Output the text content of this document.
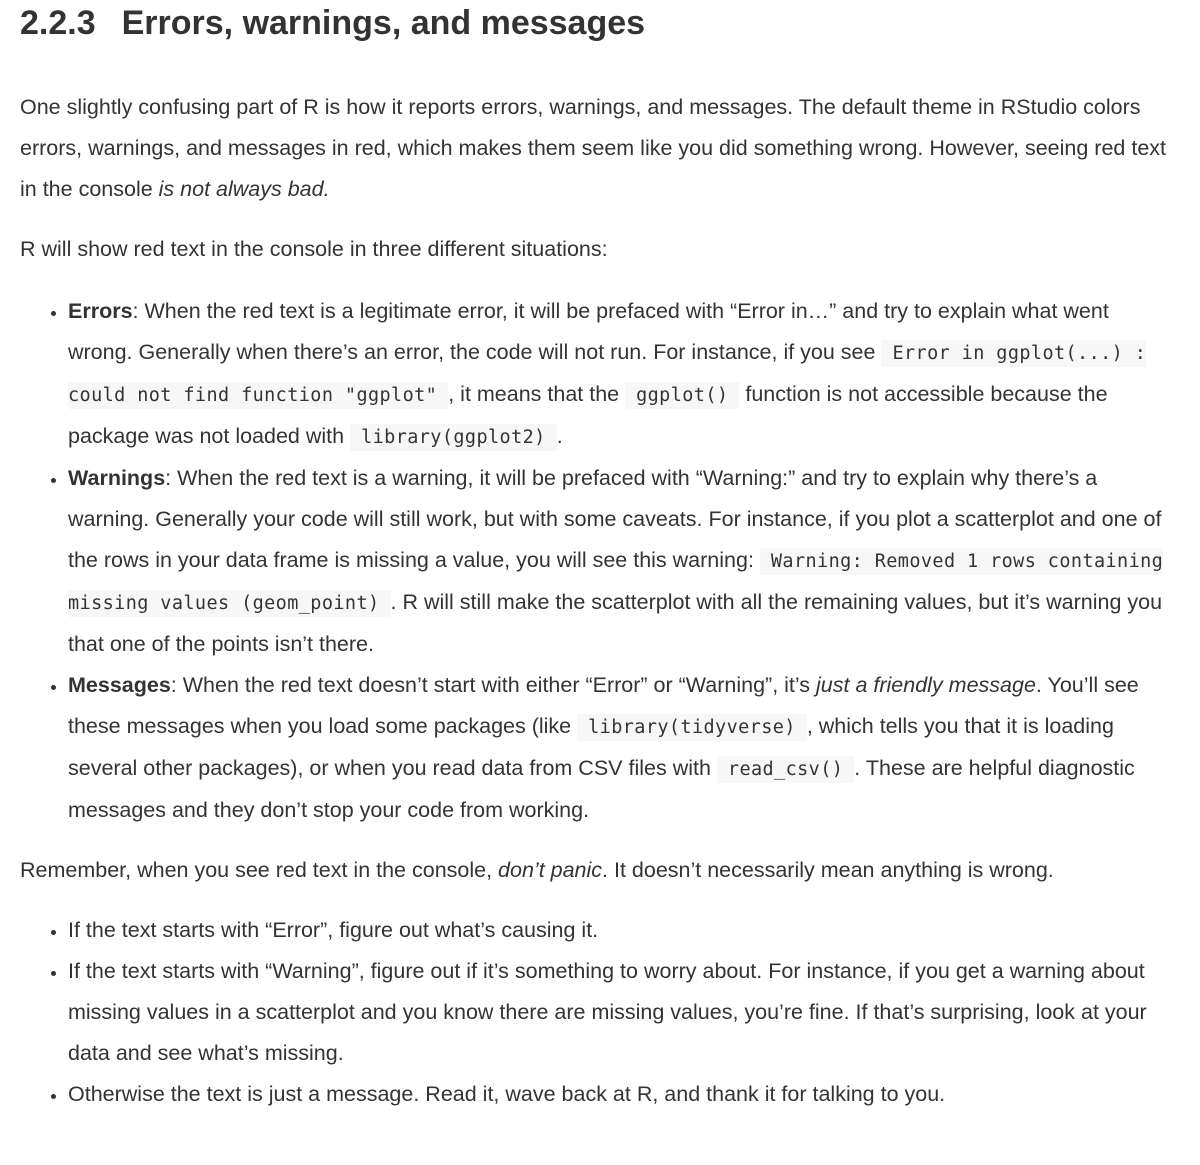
2.2.3 Errors, warnings, and messages

One slightly confusing part of R is how it reports errors, warnings, and messages. The default theme in RStudio colors errors, warnings, and messages in red, which makes them seem like you did something wrong. However, seeing red text in the console is not always bad.

R will show red text in the console in three different situations:

• Errors: When the red text is a legitimate error, it will be prefaced with “Error in…” and try to explain what went wrong. Generally when there’s an error, the code will not run. For instance, if you see Error in ggplot(...) : could not find function "ggplot" , it means that the ggplot() function is not accessible because the package was not loaded with library(ggplot2) .
• Warnings: When the red text is a warning, it will be prefaced with “Warning:” and try to explain why there’s a warning. Generally your code will still work, but with some caveats. For instance, if you plot a scatterplot and one of the rows in your data frame is missing a value, you will see this warning: Warning: Removed 1 rows containing missing values (geom_point) . R will still make the scatterplot with all the remaining values, but it’s warning you that one of the points isn’t there.
• Messages: When the red text doesn’t start with either “Error” or “Warning”, it’s just a friendly message. You’ll see these messages when you load some packages (like library(tidyverse) , which tells you that it is loading several other packages), or when you read data from CSV files with read_csv() . These are helpful diagnostic messages and they don’t stop your code from working.

Remember, when you see red text in the console, don’t panic. It doesn’t necessarily mean anything is wrong.

• If the text starts with “Error”, figure out what’s causing it.
• If the text starts with “Warning”, figure out if it’s something to worry about. For instance, if you get a warning about missing values in a scatterplot and you know there are missing values, you’re fine. If that’s surprising, look at your data and see what’s missing.
• Otherwise the text is just a message. Read it, wave back at R, and thank it for talking to you.
